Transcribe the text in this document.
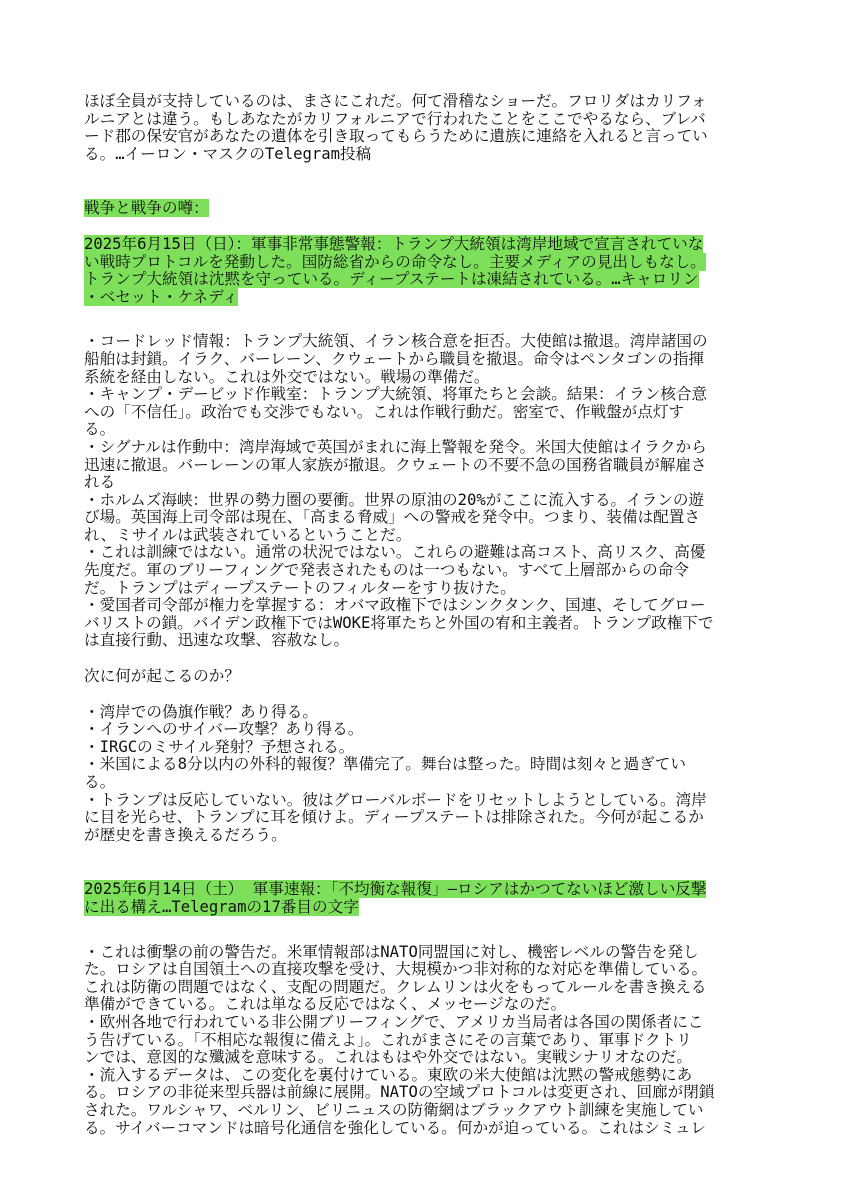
ほぼ全員が支持しているのは、まさにこれだ。何て滑稽なショーだ。フロリダはカリフォ
ルニアとは違う。もしあなたがカリフォルニアで行われたことをここでやるなら、ブレバ
ード郡の保安官があなたの遺体を引き取ってもらうために遺族に連絡を入れると言ってい
る。…イーロン・マスクのTelegram投稿
戦争と戦争の噂：
2025年6月15日（日）：軍事非常事態警報：トランプ大統領は湾岸地域で宣言されていな
い戦時プロトコルを発動した。国防総省からの命令なし。主要メディアの見出しもなし。
トランプ大統領は沈黙を守っている。ディープステートは凍結されている。…キャロリン
・ベセット・ケネディ
・コードレッド情報：トランプ大統領、イラン核合意を拒否。大使館は撤退。湾岸諸国の
船舶は封鎖。イラク、バーレーン、クウェートから職員を撤退。命令はペンタゴンの指揮
系統を経由しない。これは外交ではない。戦場の準備だ。
・キャンプ・デービッド作戦室：トランプ大統領、将軍たちと会談。結果：イラン核合意
への「不信任」。政治でも交渉でもない。これは作戦行動だ。密室で、作戦盤が点灯す
る。
・シグナルは作動中：湾岸海域で英国がまれに海上警報を発令。米国大使館はイラクから
迅速に撤退。バーレーンの軍人家族が撤退。クウェートの不要不急の国務省職員が解雇さ
れる
・ホルムズ海峡：世界の勢力圏の要衝。世界の原油の20%がここに流入する。イランの遊
び場。英国海上司令部は現在、「高まる脅威」への警戒を発令中。つまり、装備は配置さ
れ、ミサイルは武装されているということだ。
・これは訓練ではない。通常の状況ではない。これらの避難は高コスト、高リスク、高優
先度だ。軍のブリーフィングで発表されたものは一つもない。すべて上層部からの命令
だ。トランプはディープステートのフィルターをすり抜けた。
・愛国者司令部が権力を掌握する：オバマ政権下ではシンクタンク、国連、そしてグロー
バリストの鎖。バイデン政権下ではWOKE将軍たちと外国の宥和主義者。トランプ政権下で
は直接行動、迅速な攻撃、容赦なし。
次に何が起こるのか？
・湾岸での偽旗作戦？あり得る。
・イランへのサイバー攻撃？あり得る。
・IRGCのミサイル発射？予想される。
・米国による8分以内の外科的報復？準備完了。舞台は整った。時間は刻々と過ぎてい
る。
・トランプは反応していない。彼はグローバルボードをリセットしようとしている。湾岸
に目を光らせ、トランプに耳を傾けよ。ディープステートは排除された。今何が起こるか
が歴史を書き換えるだろう。
2025年6月14日（土） 軍事速報：「不均衡な報復」—ロシアはかつてないほど激しい反撃
に出る構え…Telegramの17番目の文字
・これは衝撃の前の警告だ。米軍情報部はNATO同盟国に対し、機密レベルの警告を発し
た。ロシアは自国領土への直接攻撃を受け、大規模かつ非対称的な対応を準備している。
これは防衛の問題ではなく、支配の問題だ。クレムリンは火をもってルールを書き換える
準備ができている。これは単なる反応ではなく、メッセージなのだ。
・欧州各地で行われている非公開ブリーフィングで、アメリカ当局者は各国の関係者にこ
う告げている。「不相応な報復に備えよ」。これがまさにその言葉であり、軍事ドクトリ
ンでは、意図的な殲滅を意味する。これはもはや外交ではない。実戦シナリオなのだ。
・流入するデータは、この変化を裏付けている。東欧の米大使館は沈黙の警戒態勢にあ
る。ロシアの非従来型兵器は前線に展開。NATOの空域プロトコルは変更され、回廊が閉鎖
された。ワルシャワ、ベルリン、ビリニュスの防衛網はブラックアウト訓練を実施してい
る。サイバーコマンドは暗号化通信を強化している。何かが迫っている。これはシミュレ
